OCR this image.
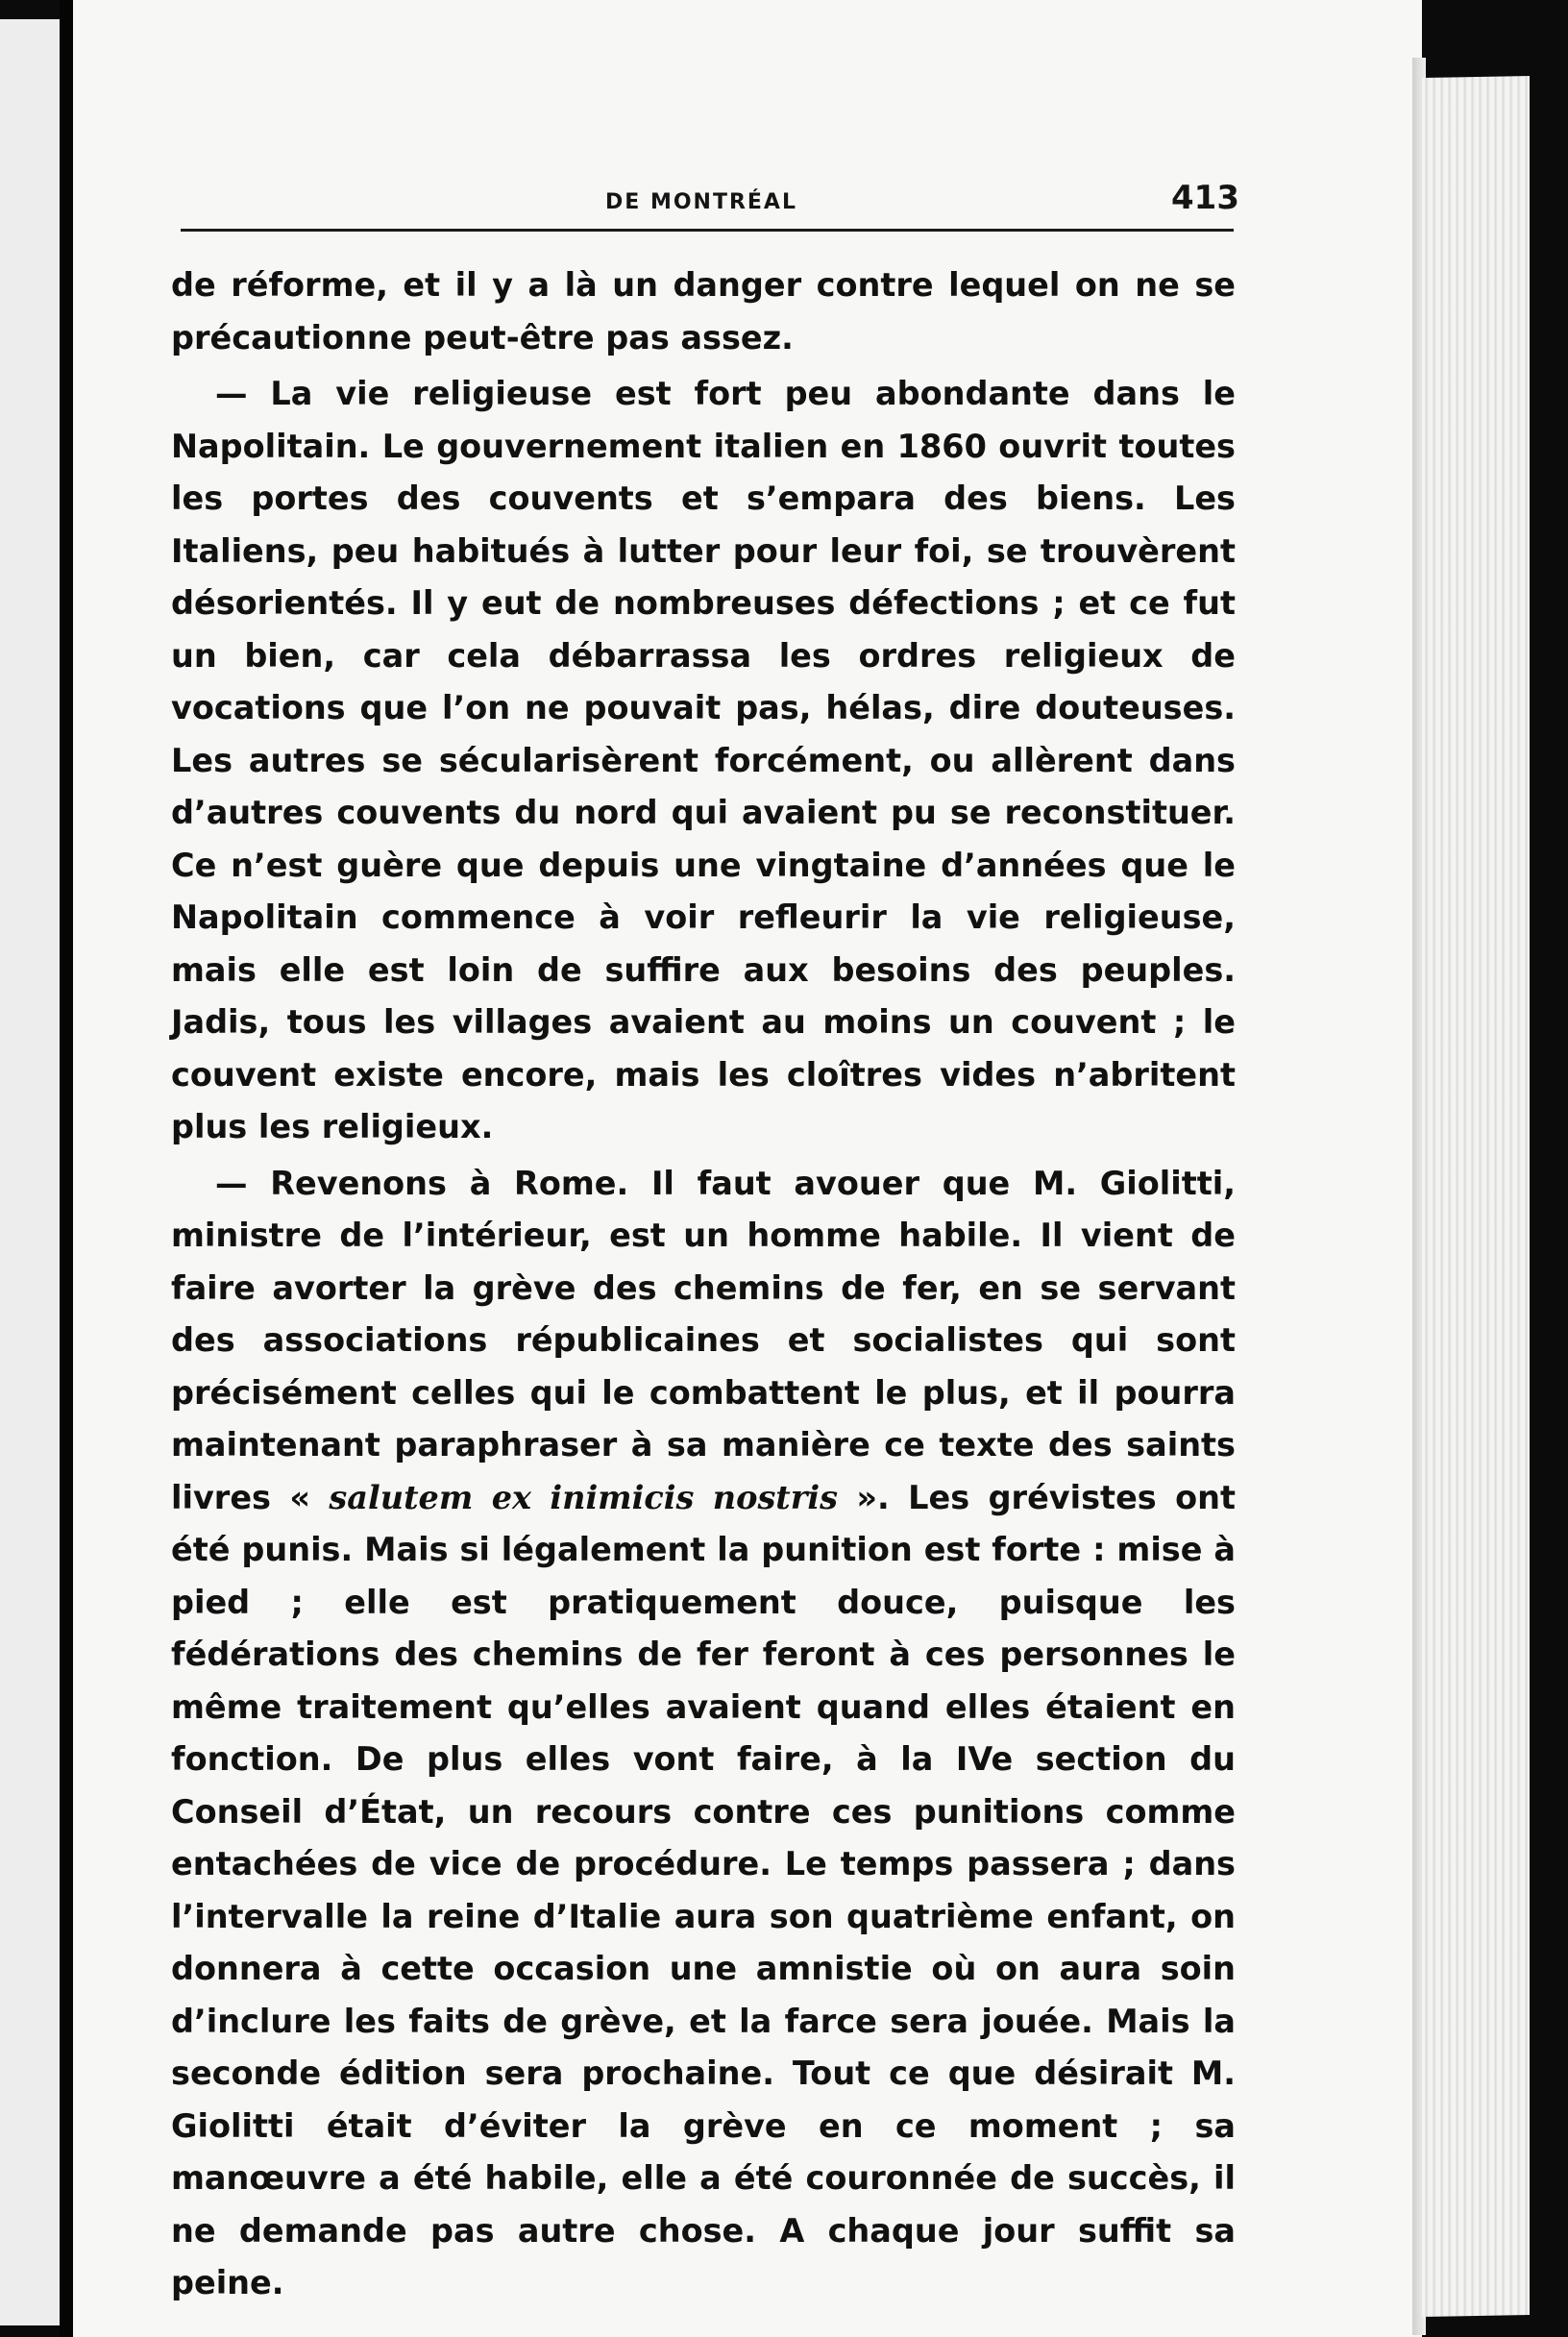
DE MONTRÉAL	413

de réforme, et il y a là un danger contre lequel on ne se précautionne peut-être pas assez.

— La vie religieuse est fort peu abondante dans le Napolitain. Le gouvernement italien en 1860 ouvrit toutes les portes des couvents et s’empara des biens. Les Italiens, peu habitués à lutter pour leur foi, se trouvèrent désorientés. Il y eut de nombreuses défections ; et ce fut un bien, car cela débarrassa les ordres religieux de vocations que l’on ne pouvait pas, hélas, dire douteuses. Les autres se sécularisèrent forcément, ou allèrent dans d’autres couvents du nord qui avaient pu se reconstituer. Ce n’est guère que depuis une vingtaine d’années que le Napolitain commence à voir refleurir la vie religieuse, mais elle est loin de suffire aux besoins des peuples. Jadis, tous les villages avaient au moins un couvent ; le couvent existe encore, mais les cloîtres vides n’abritent plus les religieux.

— Revenons à Rome. Il faut avouer que M. Giolitti, ministre de l’intérieur, est un homme habile. Il vient de faire avorter la grève des chemins de fer, en se servant des associations républicaines et socialistes qui sont précisément celles qui le combattent le plus, et il pourra maintenant paraphraser à sa manière ce texte des saints livres « salutem ex inimicis nostris ». Les grévistes ont été punis. Mais si légalement la punition est forte : mise à pied ; elle est pratiquement douce, puisque les fédérations des chemins de fer feront à ces personnes le même traitement qu’elles avaient quand elles étaient en fonction. De plus elles vont faire, à la IVe section du Conseil d’État, un recours contre ces punitions comme entachées de vice de procédure. Le temps passera ; dans l’intervalle la reine d’Italie aura son quatrième enfant, on donnera à cette occasion une amnistie où on aura soin d’inclure les faits de grève, et la farce sera jouée. Mais la seconde édition sera prochaine. Tout ce que désirait M. Giolitti était d’éviter la grève en ce moment ; sa manœuvre a été habile, elle a été couronnée de succès, il ne demande pas autre chose. A chaque jour suffit sa peine.
